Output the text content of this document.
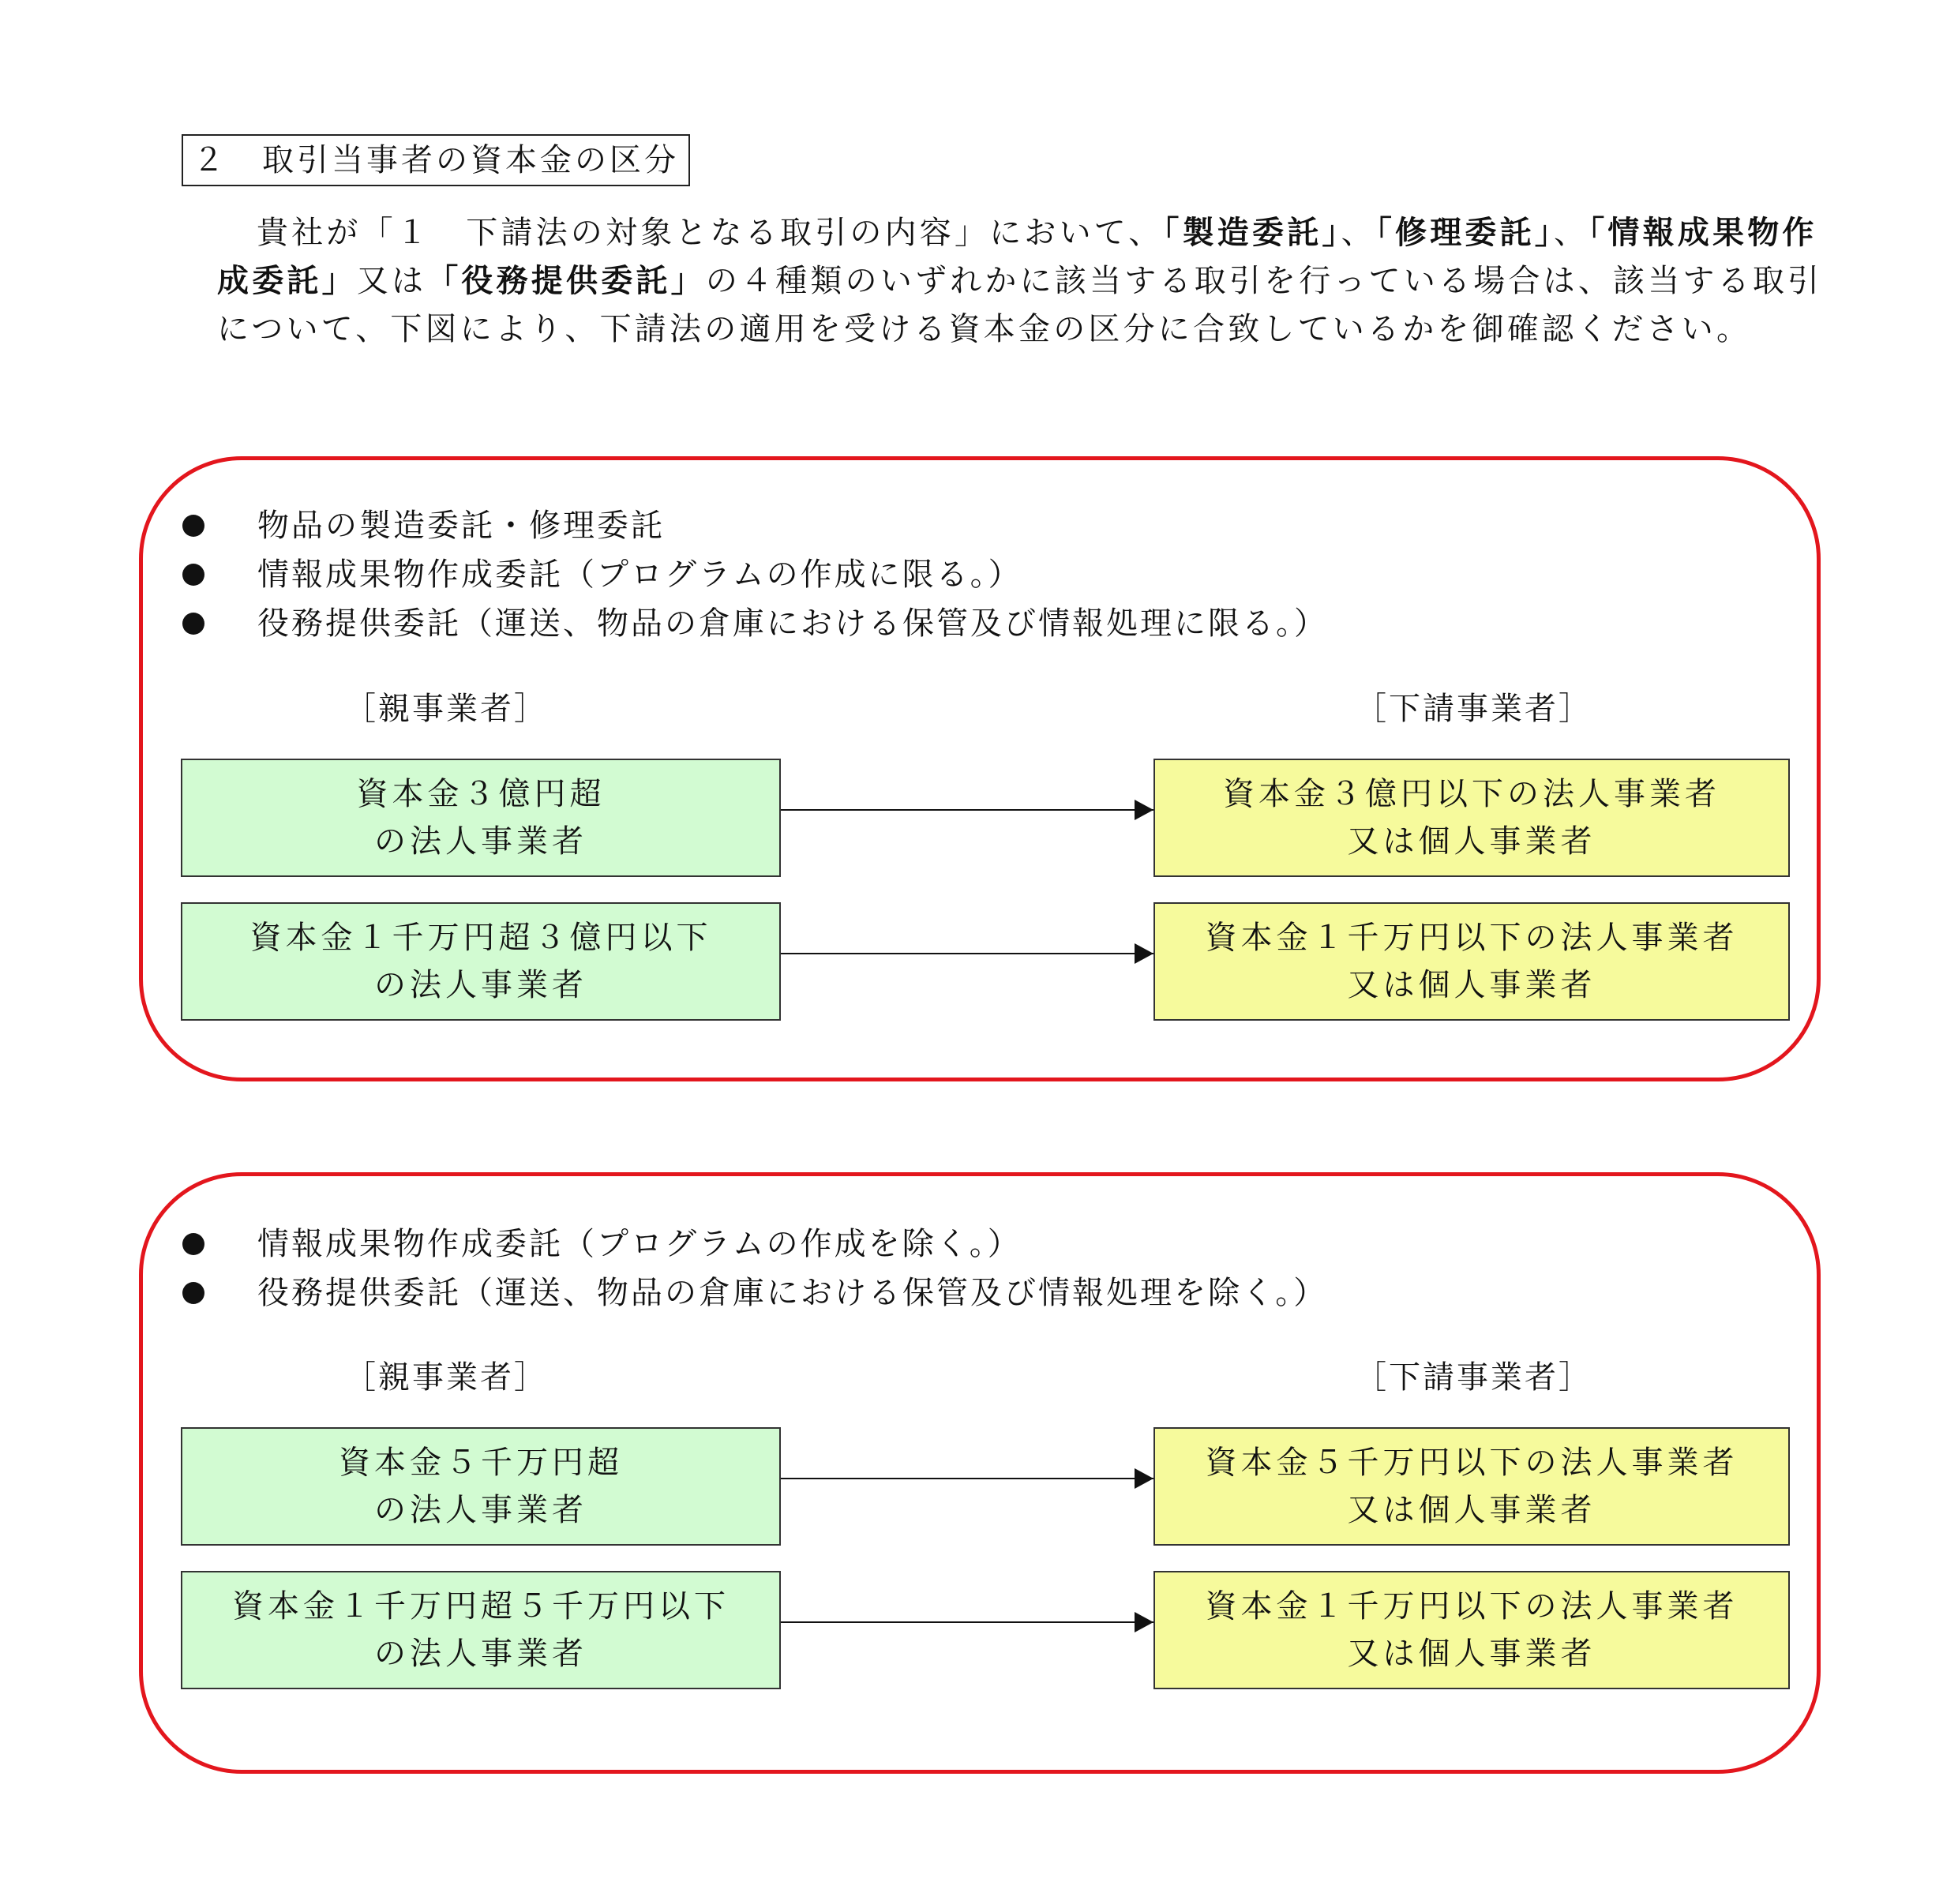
２　取引当事者の資本金の区分

貴社が「１　下請法の対象となる取引の内容」において、「製造委託」、「修理委託」、「情報成果物作成委託」又は「役務提供委託」の４種類のいずれかに該当する取引を行っている場合は、該当する取引について、下図により、下請法の適用を受ける資本金の区分に合致しているかを御確認ください。

物品の製造委託・修理委託
情報成果物作成委託（プログラムの作成に限る。）
役務提供委託（運送、物品の倉庫における保管及び情報処理に限る。）
［親事業者］	［下請事業者］
資本金３億円超
の法人事業者
資本金３億円以下の法人事業者
又は個人事業者
資本金１千万円超３億円以下
の法人事業者
資本金１千万円以下の法人事業者
又は個人事業者
情報成果物作成委託（プログラムの作成を除く。）
役務提供委託（運送、物品の倉庫における保管及び情報処理を除く。）
［親事業者］	［下請事業者］
資本金５千万円超
の法人事業者
資本金５千万円以下の法人事業者
又は個人事業者
資本金１千万円超５千万円以下
の法人事業者
資本金１千万円以下の法人事業者
又は個人事業者
